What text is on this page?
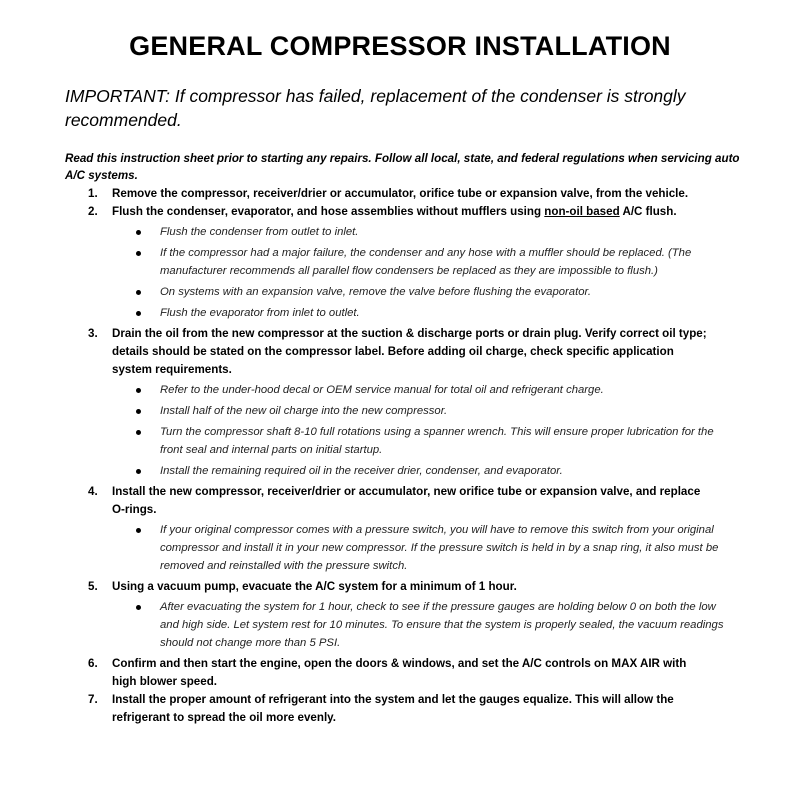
GENERAL COMPRESSOR INSTALLATION
IMPORTANT: If compressor has failed, replacement of the condenser is strongly recommended.
Read this instruction sheet prior to starting any repairs. Follow all local, state, and federal regulations when servicing auto A/C systems.
1.	Remove the compressor, receiver/drier or accumulator, orifice tube or expansion valve, from the vehicle.
2.	Flush the condenser, evaporator, and hose assemblies without mufflers using non-oil based A/C flush.
Flush the condenser from outlet to inlet.
If the compressor had a major failure, the condenser and any hose with a muffler should be replaced. (The manufacturer recommends all parallel flow condensers be replaced as they are impossible to flush.)
On systems with an expansion valve, remove the valve before flushing the evaporator.
Flush the evaporator from inlet to outlet.
3.	Drain the oil from the new compressor at the suction & discharge ports or drain plug. Verify correct oil type; details should be stated on the compressor label. Before adding oil charge, check specific application system requirements.
Refer to the under-hood decal or OEM service manual for total oil and refrigerant charge.
Install half of the new oil charge into the new compressor.
Turn the compressor shaft 8-10 full rotations using a spanner wrench. This will ensure proper lubrication for the front seal and internal parts on initial startup.
Install the remaining required oil in the receiver drier, condenser, and evaporator.
4.	Install the new compressor, receiver/drier or accumulator, new orifice tube or expansion valve, and replace O-rings.
If your original compressor comes with a pressure switch, you will have to remove this switch from your original compressor and install it in your new compressor. If the pressure switch is held in by a snap ring, it also must be removed and reinstalled with the pressure switch.
5.	Using a vacuum pump, evacuate the A/C system for a minimum of 1 hour.
After evacuating the system for 1 hour, check to see if the pressure gauges are holding below 0 on both the low and high side. Let system rest for 10 minutes. To ensure that the system is properly sealed, the vacuum readings should not change more than 5 PSI.
6.	Confirm and then start the engine, open the doors & windows, and set the A/C controls on MAX AIR with high blower speed.
7.	Install the proper amount of refrigerant into the system and let the gauges equalize. This will allow the refrigerant to spread the oil more evenly.
